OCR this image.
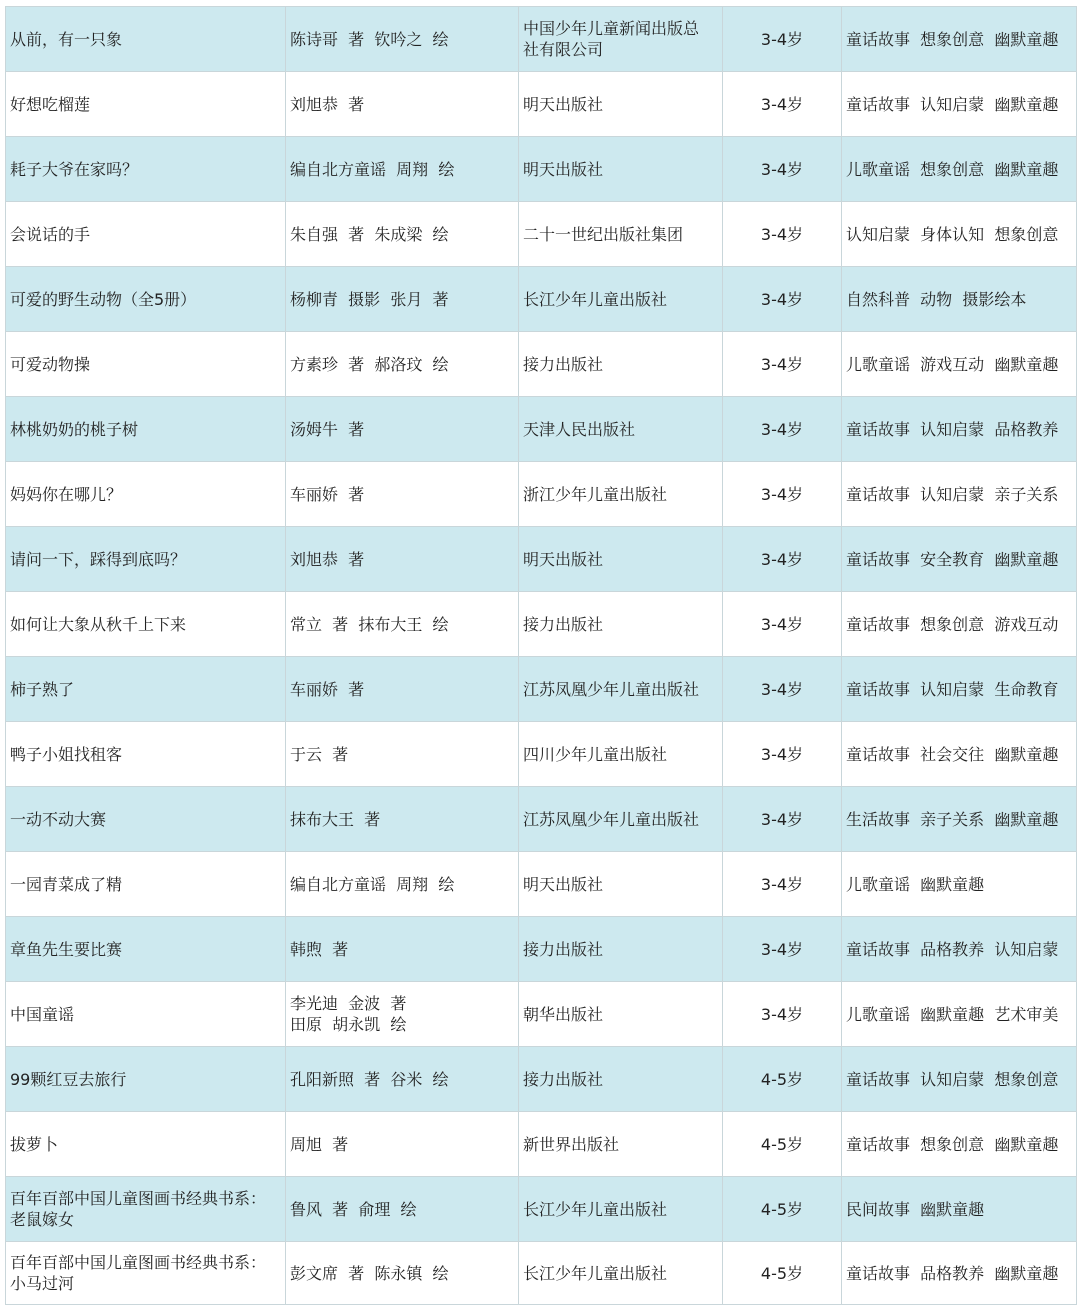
从前，有一只象	陈诗哥  著  钦吟之  绘	中国少年儿童新闻出版总
社有限公司	3-4岁	童话故事  想象创意  幽默童趣
好想吃榴莲	刘旭恭  著	明天出版社	3-4岁	童话故事  认知启蒙  幽默童趣
耗子大爷在家吗？	编自北方童谣  周翔  绘	明天出版社	3-4岁	儿歌童谣  想象创意  幽默童趣
会说话的手	朱自强  著  朱成梁  绘	二十一世纪出版社集团	3-4岁	认知启蒙  身体认知  想象创意
可爱的野生动物（全5册）	杨柳青  摄影  张月  著	长江少年儿童出版社	3-4岁	自然科普  动物  摄影绘本
可爱动物操	方素珍  著  郝洛玟  绘	接力出版社	3-4岁	儿歌童谣  游戏互动  幽默童趣
林桃奶奶的桃子树	汤姆牛  著	天津人民出版社	3-4岁	童话故事  认知启蒙  品格教养
妈妈你在哪儿？	车丽娇  著	浙江少年儿童出版社	3-4岁	童话故事  认知启蒙  亲子关系
请问一下，踩得到底吗？	刘旭恭  著	明天出版社	3-4岁	童话故事  安全教育  幽默童趣
如何让大象从秋千上下来	常立  著  抹布大王  绘	接力出版社	3-4岁	童话故事  想象创意  游戏互动
柿子熟了	车丽娇  著	江苏凤凰少年儿童出版社	3-4岁	童话故事  认知启蒙  生命教育
鸭子小姐找租客	于云  著	四川少年儿童出版社	3-4岁	童话故事  社会交往  幽默童趣
一动不动大赛	抹布大王  著	江苏凤凰少年儿童出版社	3-4岁	生活故事  亲子关系  幽默童趣
一园青菜成了精	编自北方童谣  周翔  绘	明天出版社	3-4岁	儿歌童谣  幽默童趣
章鱼先生要比赛	韩煦  著	接力出版社	3-4岁	童话故事  品格教养  认知启蒙
中国童谣	李光迪  金波  著
田原  胡永凯  绘	朝华出版社	3-4岁	儿歌童谣  幽默童趣  艺术审美
99颗红豆去旅行	孔阳新照  著  谷米  绘	接力出版社	4-5岁	童话故事  认知启蒙  想象创意
拔萝卜	周旭  著	新世界出版社	4-5岁	童话故事  想象创意  幽默童趣
百年百部中国儿童图画书经典书系：老鼠嫁女	鲁风  著  俞理  绘	长江少年儿童出版社	4-5岁	民间故事  幽默童趣
百年百部中国儿童图画书经典书系：小马过河	彭文席  著  陈永镇  绘	长江少年儿童出版社	4-5岁	童话故事  品格教养  幽默童趣
